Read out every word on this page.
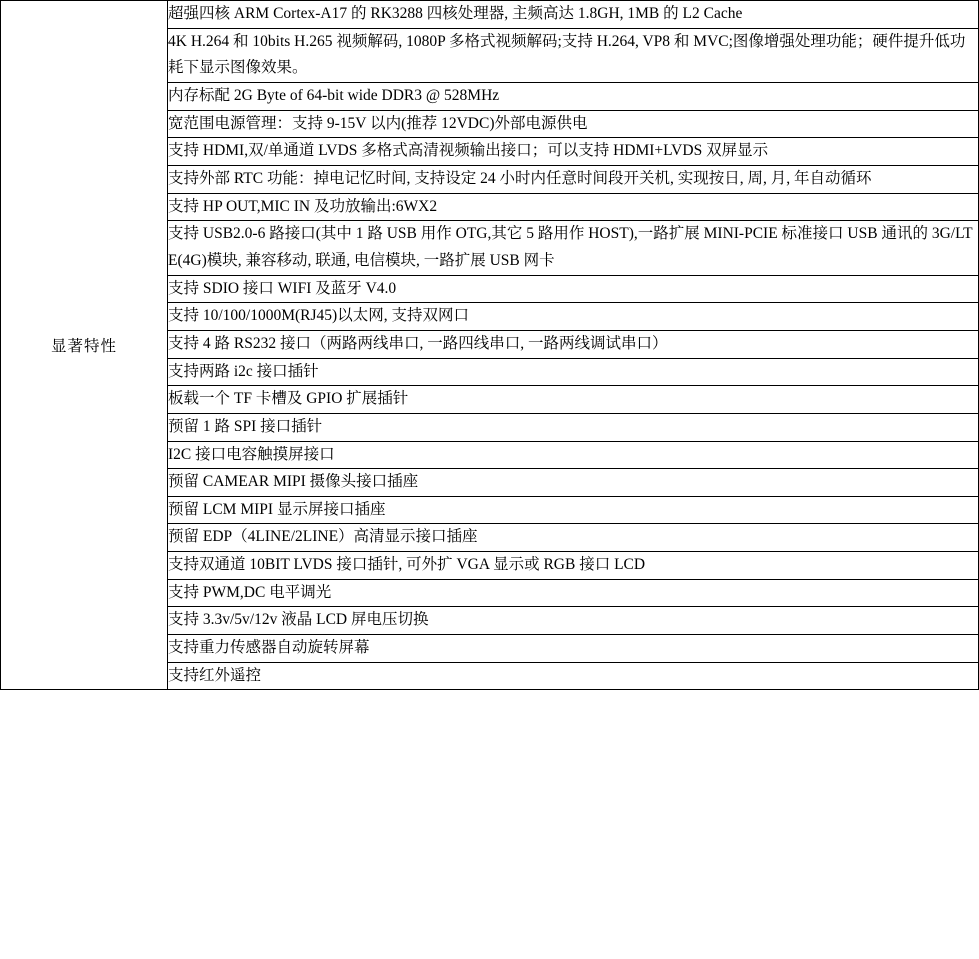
显著特性	
超强四核 ARM Cortex-A17 的 RK3288 四核处理器, 主频高达 1.8GH, 1MB 的 L2 Cache

4K H.264 和 10bits H.265 视频解码, 1080P 多格式视频解码;支持 H.264, VP8 和 MVC;图像增强处理功能；硬件提升低功耗下显示图像效果。

内存标配 2G Byte of 64-bit wide DDR3 @ 528MHz

宽范围电源管理：支持 9-15V 以内(推荐 12VDC)外部电源供电

支持 HDMI,双/单通道 LVDS 多格式高清视频输出接口；可以支持 HDMI+LVDS 双屏显示

支持外部 RTC 功能：掉电记忆时间, 支持设定 24 小时内任意时间段开关机, 实现按日, 周, 月, 年自动循环

支持 HP OUT,MIC IN 及功放输出:6WX2

支持 USB2.0-6 路接口(其中 1 路 USB 用作 OTG,其它 5 路用作 HOST),一路扩展 MINI-PCIE 标准接口 USB 通讯的 3G/LTE(4G)模块, 兼容移动, 联通, 电信模块, 一路扩展 USB 网卡

支持 SDIO 接口 WIFI 及蓝牙 V4.0

支持 10/100/1000M(RJ45)以太网, 支持双网口

支持 4 路 RS232 接口（两路两线串口, 一路四线串口, 一路两线调试串口）

支持两路 i2c 接口插针

板载一个 TF 卡槽及 GPIO 扩展插针

预留 1 路 SPI 接口插针

I2C 接口电容触摸屏接口

预留 CAMEAR MIPI 摄像头接口插座

预留 LCM MIPI 显示屏接口插座

预留 EDP（4LINE/2LINE）高清显示接口插座

支持双通道 10BIT LVDS 接口插针, 可外扩 VGA 显示或 RGB 接口 LCD

支持 PWM,DC 电平调光

支持 3.3v/5v/12v 液晶 LCD 屏电压切换

支持重力传感器自动旋转屏幕

支持红外遥控
